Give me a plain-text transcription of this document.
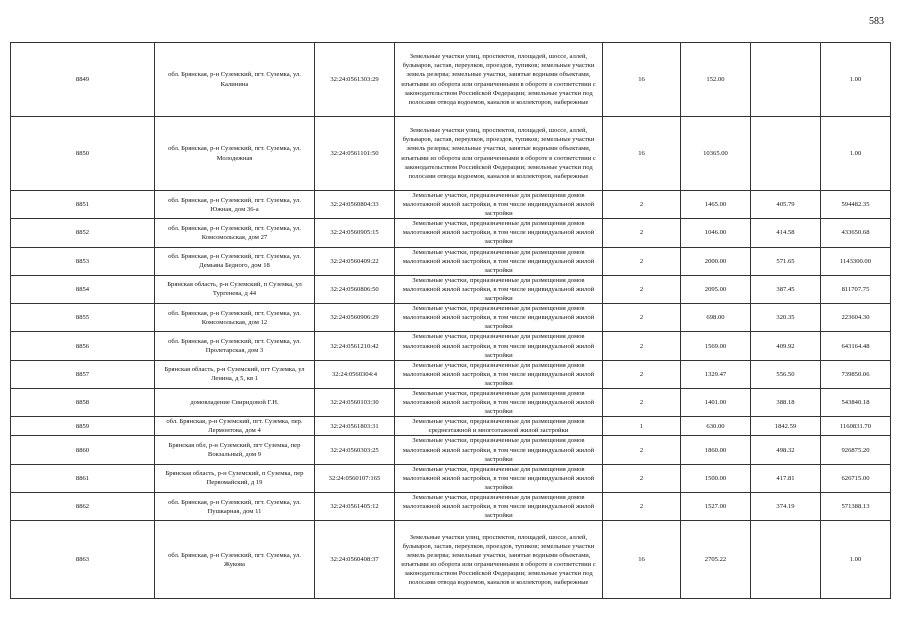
583
8849	обл. Брянская, р-н Суземский, пгт. Суземка, ул. Калинина	32:24:0561303:29	Земельные участки улиц, проспектов, площадей, шоссе, аллей, бульваров, застав, переулков, проездов, тупиков; земельные участки земель резерва; земельные участки, занятые водными объектами, изъятыми из оборота или ограниченными в обороте в соответствии с законодательством Российской Федерации; земельные участки под полосами отвода водоемов, каналов и коллекторов, набережные	16	152.00		1.00
8850	обл. Брянская, р-н Суземский, пгт. Суземка, ул. Молодежная	32:24:0561101:50	Земельные участки улиц, проспектов, площадей, шоссе, аллей, бульваров, застав, переулков, проездов, тупиков; земельные участки земель резерва; земельные участки, занятые водными объектами, изъятыми из оборота или ограниченными в обороте в соответствии с законодательством Российской Федерации; земельные участки под полосами отвода водоемов, каналов и коллекторов, набережные	16	10365.00		1.00
8851	обл. Брянская, р-н Суземский, пгт. Суземка, ул. Южная, дом 36-а	32:24:0560804:33	Земельные участки, предназначенные для размещения домов малоэтажной жилой застройки, в том числе индивидуальной жилой застройки	2	1465.00	405.79	594482.35
8852	обл. Брянская, р-н Суземский, пгт. Суземка, ул. Комсомольская, дом 27	32:24:0560905:15	Земельные участки, предназначенные для размещения домов малоэтажной жилой застройки, в том числе индивидуальной жилой застройки	2	1046.00	414.58	433650.68
8853	обл. Брянская, р-н Суземский, пгт. Суземка, ул. Демьяна Бедного, дом 18	32:24:0560409:22	Земельные участки, предназначенные для размещения домов малоэтажной жилой застройки, в том числе индивидуальной жилой застройки	2	2000.00	571.65	1143300.00
8854	Брянская область, р-н Суземский, п Суземка, ул Тургенева, д 44	32:24:0560806:50	Земельные участки, предназначенные для размещения домов малоэтажной жилой застройки, в том числе индивидуальной жилой застройки	2	2095.00	387.45	811707.75
8855	обл. Брянская, р-н Суземский, пгт. Суземка, ул. Комсомольская, дом 12	32:24:0560906:29	Земельные участки, предназначенные для размещения домов малоэтажной жилой застройки, в том числе индивидуальной жилой застройки	2	698.00	320.35	223604.30
8856	обл. Брянская, р-н Суземский, пгт. Суземка, ул. Пролетарская, дом 3	32:24:0561210:42	Земельные участки, предназначенные для размещения домов малоэтажной жилой застройки, в том числе индивидуальной жилой застройки	2	1569.00	409.92	643164.48
8857	Брянская область, р-н Суземский, пгт Суземка, ул Ленина, д 5, кв 1	32:24:0560304:4	Земельные участки, предназначенные для размещения домов малоэтажной жилой застройки, в том числе индивидуальной жилой застройки	2	1329.47	556.50	739850.06
8858	домовладение Свиридовой Г.Н.	32:24:0560103:30	Земельные участки, предназначенные для размещения домов малоэтажной жилой застройки, в том числе индивидуальной жилой застройки	2	1401.00	388.18	543840.18
8859	обл. Брянская, р-н Суземский, пгт. Суземка, пер. Лермонтова, дом 4	32:24:0561803:31	Земельные участки, предназначенные для размещения домов среднеэтажной и многоэтажной жилой застройки	1	630.00	1842.59	1160831.70
8860	Брянская обл, р-н Суземский, пгт Суземка, пер Вокзальный, дом 9	32:24:0560303:25	Земельные участки, предназначенные для размещения домов малоэтажной жилой застройки, в том числе индивидуальной жилой застройки	2	1860.00	498.32	926875.20
8861	Брянская область, р-н Суземский, п Суземка, пер Первомайский, д 19	32:24:0560107:165	Земельные участки, предназначенные для размещения домов малоэтажной жилой застройки, в том числе индивидуальной жилой застройки	2	1500.00	417.81	626715.00
8862	обл. Брянская, р-н Суземский, пгт. Суземка, ул. Пушкарная, дом 11	32:24:0561405:12	Земельные участки, предназначенные для размещения домов малоэтажной жилой застройки, в том числе индивидуальной жилой застройки	2	1527.00	374.19	571388.13
8863	обл. Брянская, р-н Суземский, пгт. Суземка, ул. Жукова	32:24:0560408:37	Земельные участки улиц, проспектов, площадей, шоссе, аллей, бульваров, застав, переулков, проездов, тупиков; земельные участки земель резерва; земельные участки, занятые водными объектами, изъятыми из оборота или ограниченными в обороте в соответствии с законодательством Российской Федерации; земельные участки под полосами отвода водоемов, каналов и коллекторов, набережные	16	2705.22		1.00
